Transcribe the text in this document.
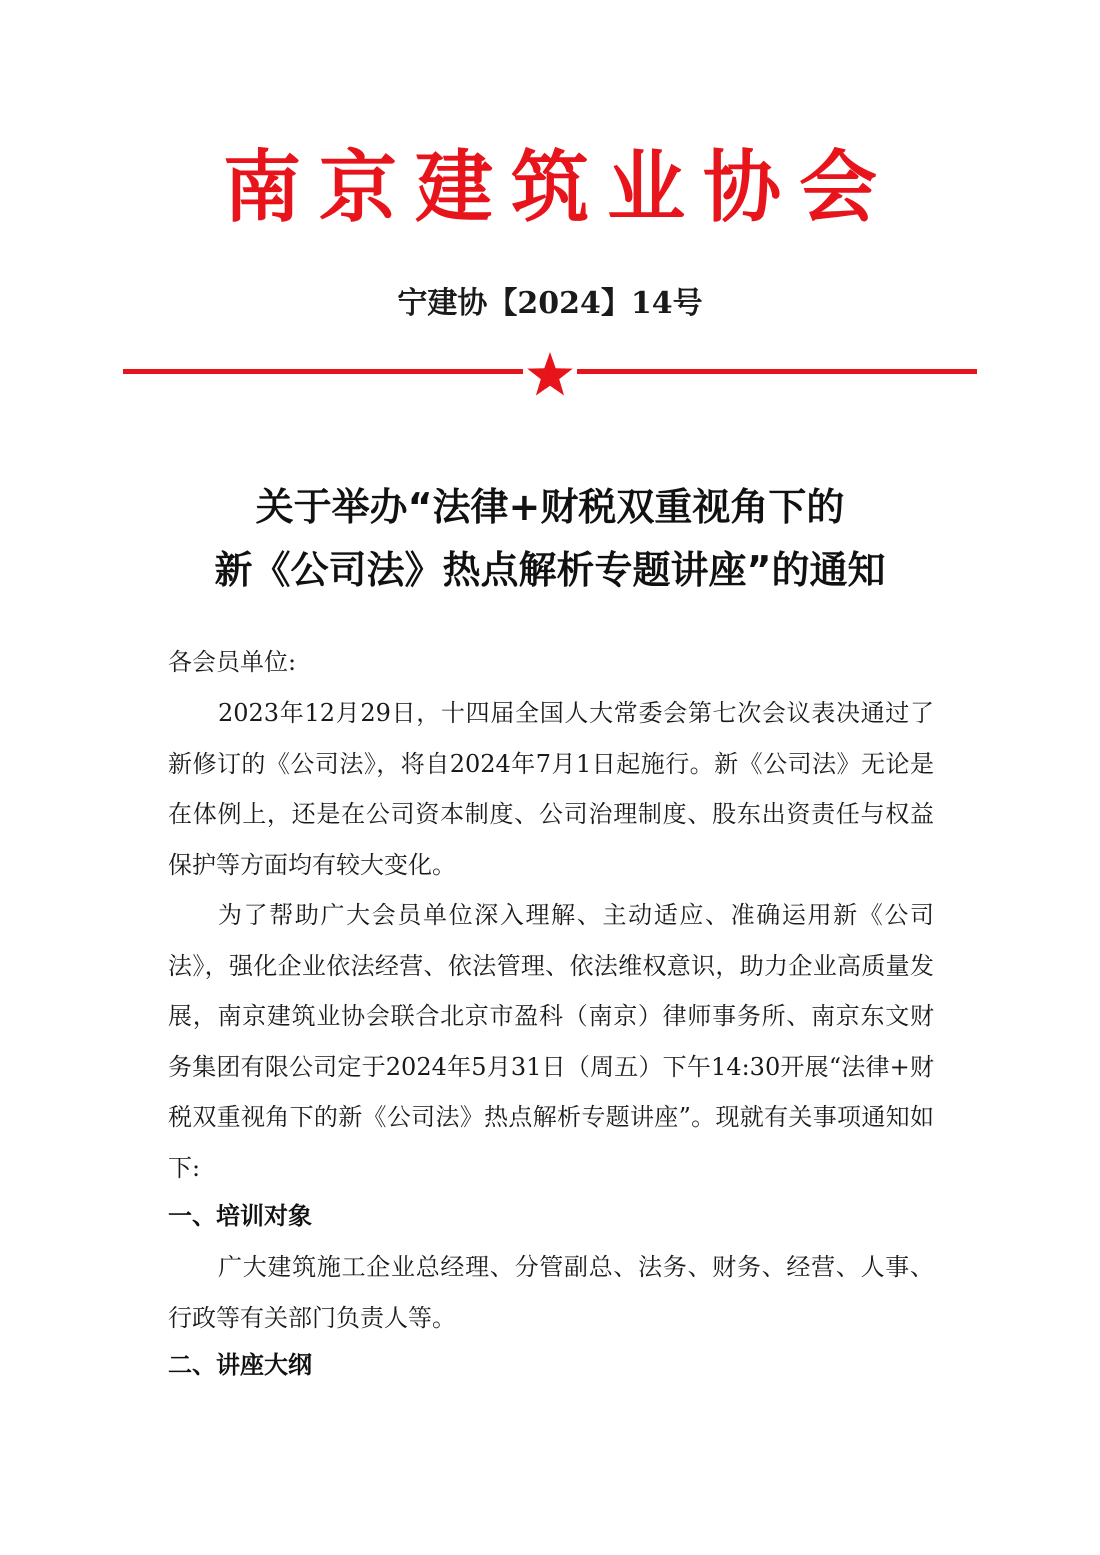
南京建筑业协会
宁建协【2024】14号
关于举办“法律+财税双重视角下的
新《公司法》热点解析专题讲座”的通知
各会员单位:
2023年12月29日，十四届全国人大常委会第七次会议表决通过了新修订的《公司法》，将自2024年7月1日起施行。新《公司法》无论是在体例上，还是在公司资本制度、公司治理制度、股东出资责任与权益保护等方面均有较大变化。
为了帮助广大会员单位深入理解、主动适应、准确运用新《公司法》，强化企业依法经营、依法管理、依法维权意识，助力企业高质量发展，南京建筑业协会联合北京市盈科（南京）律师事务所、南京东文财务集团有限公司定于2024年5月31日（周五）下午14:30开展“法律+财税双重视角下的新《公司法》热点解析专题讲座”。现就有关事项通知如下:
一、培训对象
广大建筑施工企业总经理、分管副总、法务、财务、经营、人事、行政等有关部门负责人等。
二、讲座大纲
